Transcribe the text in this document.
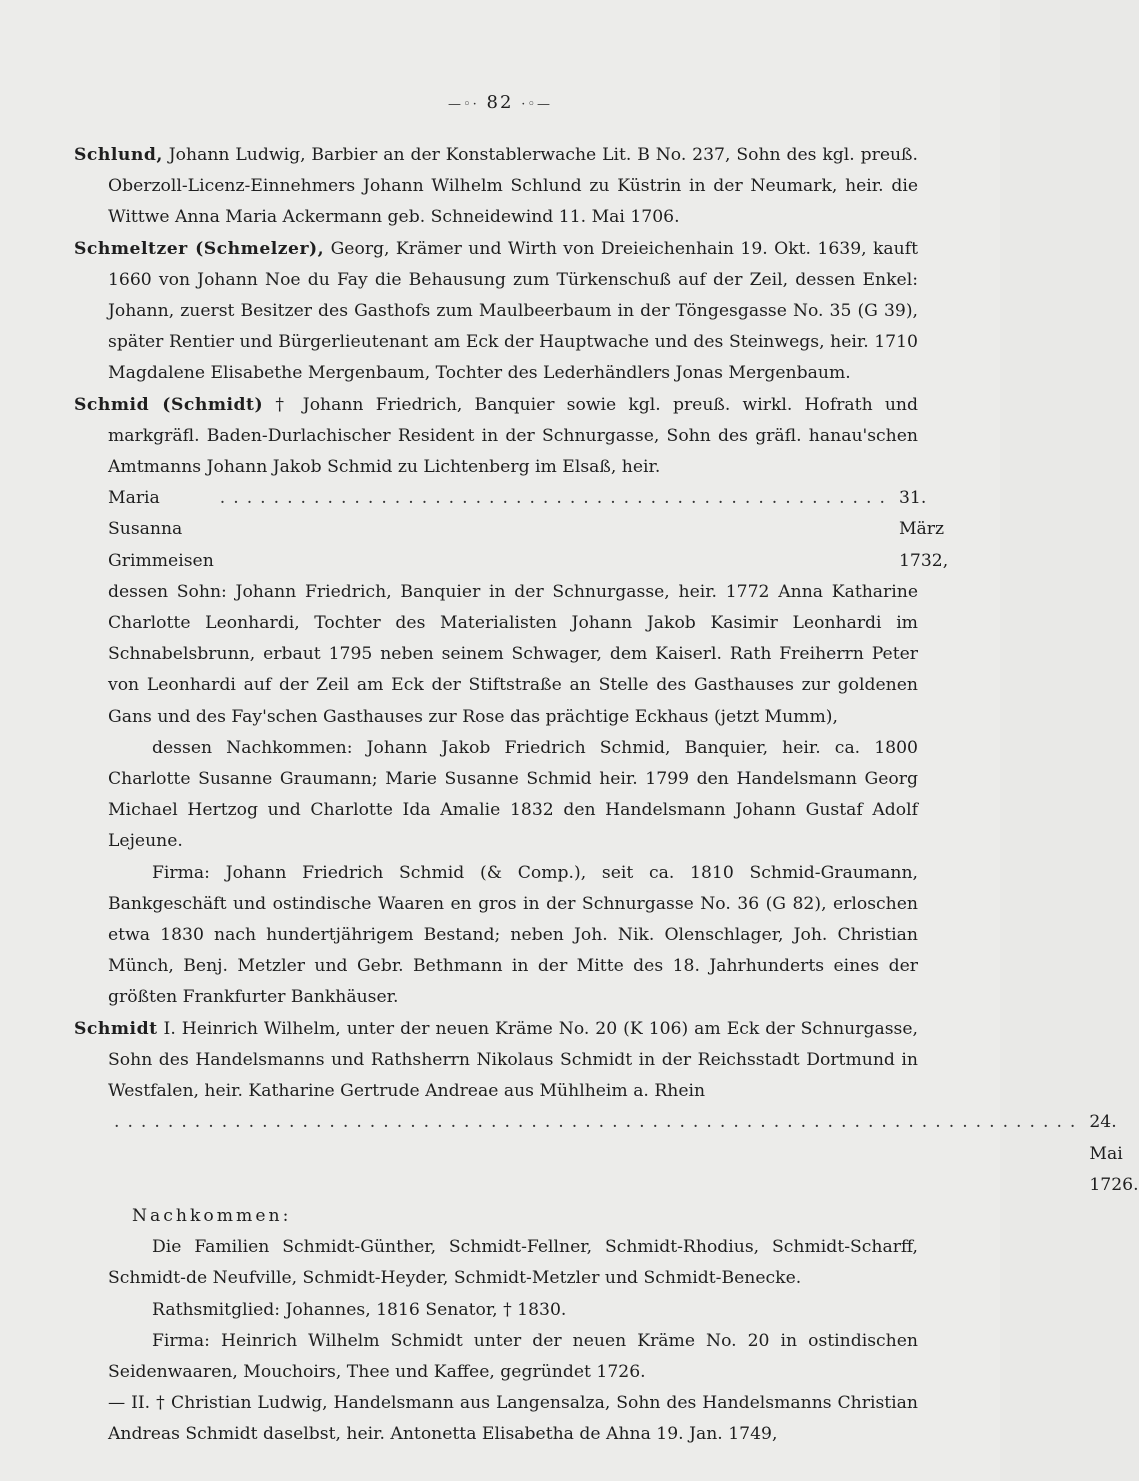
—◦· 82 ·◦—

Schlund, Johann Ludwig, Barbier an der Konstablerwache Lit. B No. 237, Sohn des kgl. preuß. Oberzoll-Licenz-Einnehmers Johann Wilhelm Schlund zu Küstrin in der Neumark, heir. die Wittwe Anna Maria Ackermann geb. Schneidewind 11. Mai 1706.

Schmeltzer (Schmelzer), Georg, Krämer und Wirth von Dreieichenhain 19. Okt. 1639, kauft 1660 von Johann Noe du Fay die Behausung zum Türkenschuß auf der Zeil, dessen Enkel: Johann, zuerst Besitzer des Gasthofs zum Maulbeerbaum in der Töngesgasse No. 35 (G 39), später Rentier und Bürgerlieutenant am Eck der Hauptwache und des Steinwegs, heir. 1710 Magdalene Elisabethe Mergenbaum, Tochter des Lederhändlers Jonas Mergenbaum.

Schmid (Schmidt) † Johann Friedrich, Banquier sowie kgl. preuß. wirkl. Hofrath und markgräfl. Baden-Durlachischer Resident in der Schnurgasse, Sohn des gräfl. hanau'schen Amtmanns Johann Jakob Schmid zu Lichtenberg im Elsaß, heir.

Maria Susanna Grimmeisen
.................................................. 31. März 1732,

dessen Sohn: Johann Friedrich, Banquier in der Schnurgasse, heir. 1772 Anna Katharine Charlotte Leonhardi, Tochter des Materialisten Johann Jakob Kasimir Leonhardi im Schnabelsbrunn, erbaut 1795 neben seinem Schwager, dem Kaiserl. Rath Freiherrn Peter von Leonhardi auf der Zeil am Eck der Stiftstraße an Stelle des Gasthauses zur goldenen Gans und des Fay'schen Gasthauses zur Rose das prächtige Eckhaus (jetzt Mumm),

dessen Nachkommen: Johann Jakob Friedrich Schmid, Banquier, heir. ca. 1800 Charlotte Susanne Graumann; Marie Susanne Schmid heir. 1799 den Handelsmann Georg Michael Hertzog und Charlotte Ida Amalie 1832 den Handelsmann Johann Gustaf Adolf Lejeune.

Firma: Johann Friedrich Schmid (& Comp.), seit ca. 1810 Schmid-Graumann, Bankgeschäft und ostindische Waaren en gros in der Schnurgasse No. 36 (G 82), erloschen etwa 1830 nach hundertjährigem Bestand; neben Joh. Nik. Olenschlager, Joh. Christian Münch, Benj. Metzler und Gebr. Bethmann in der Mitte des 18. Jahrhunderts eines der größten Frankfurter Bankhäuser.

Schmidt I. Heinrich Wilhelm, unter der neuen Kräme No. 20 (K 106) am Eck der Schnurgasse, Sohn des Handelsmanns und Rathsherrn Nikolaus Schmidt in der Reichsstadt Dortmund in Westfalen, heir. Katharine Gertrude Andreae aus Mühlheim a. Rhein

........................................................................ 24. Mai 1726.

Nachkommen:

Die Familien Schmidt-Günther, Schmidt-Fellner, Schmidt-Rhodius, Schmidt-Scharff, Schmidt-de Neufville, Schmidt-Heyder, Schmidt-Metzler und Schmidt-Benecke.

Rathsmitglied: Johannes, 1816 Senator, † 1830.

Firma: Heinrich Wilhelm Schmidt unter der neuen Kräme No. 20 in ostindischen Seidenwaaren, Mouchoirs, Thee und Kaffee, gegründet 1726.

— II. † Christian Ludwig, Handelsmann aus Langensalza, Sohn des Handelsmanns Christian Andreas Schmidt daselbst, heir. Antonetta Elisabetha de Ahna 19. Jan. 1749,
